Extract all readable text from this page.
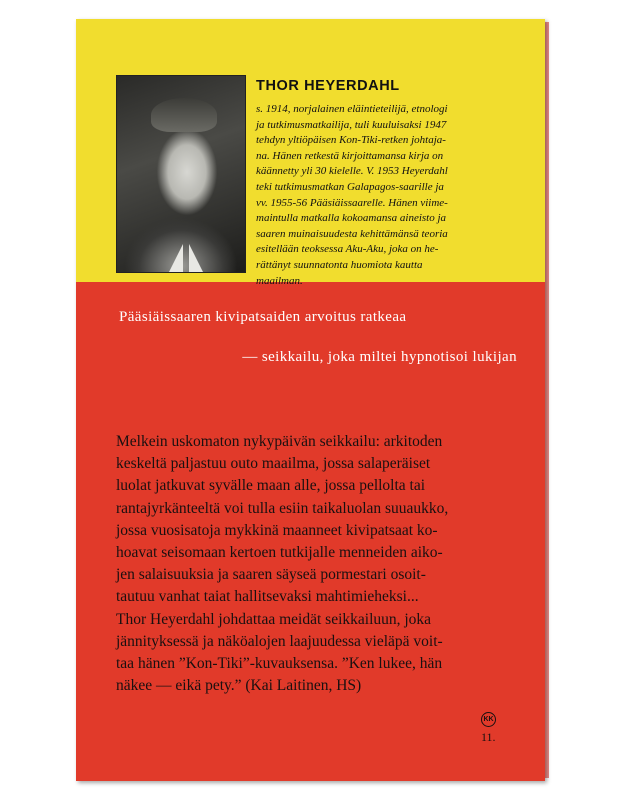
THOR HEYERDAHL
s. 1914, norjalainen eläintieteilijä, etnologi
ja tutkimusmatkailija, tuli kuuluisaksi 1947
tehdyn yltiöpäisen Kon-Tiki-retken johtaja-
na. Hänen retkestä kirjoittamansa kirja on
käännetty yli 30 kielelle. V. 1953 Heyerdahl
teki tutkimusmatkan Galapagos-saarille ja
vv. 1955-56 Pääsiäissaarelle. Hänen viime-
maintulla matkalla kokoamansa aineisto ja
saaren muinaisuudesta kehittämänsä teoria
esitellään teoksessa Aku-Aku, joka on he-
rättänyt suunnatonta huomiota kautta
maailman.
Pääsiäissaaren kivipatsaiden arvoitus ratkeaa
— seikkailu, joka miltei hypnotisoi lukijan
Melkein uskomaton nykypäivän seikkailu: arkitoden
keskeltä paljastuu outo maailma, jossa salaperäiset
luolat jatkuvat syvälle maan alle, jossa pellolta tai
rantajyrkänteeltä voi tulla esiin taikaluolan suuaukko,
jossa vuosisatoja mykkinä maanneet kivipatsaat ko-
hoavat seisomaan kertoen tutkijalle menneiden aiko-
jen salaisuuksia ja saaren säyseä pormestari osoit-
tautuu vanhat taiat hallitsevaksi mahtimieheksi...
Thor Heyerdahl johdattaa meidät seikkailuun, joka
jännityksessä ja näköalojen laajuudessa vieläpä voit-
taa hänen ”Kon-Tiki”-kuvauksensa. ”Ken lukee, hän
näkee — eikä pety.” (Kai Laitinen, HS)
KK
11.
